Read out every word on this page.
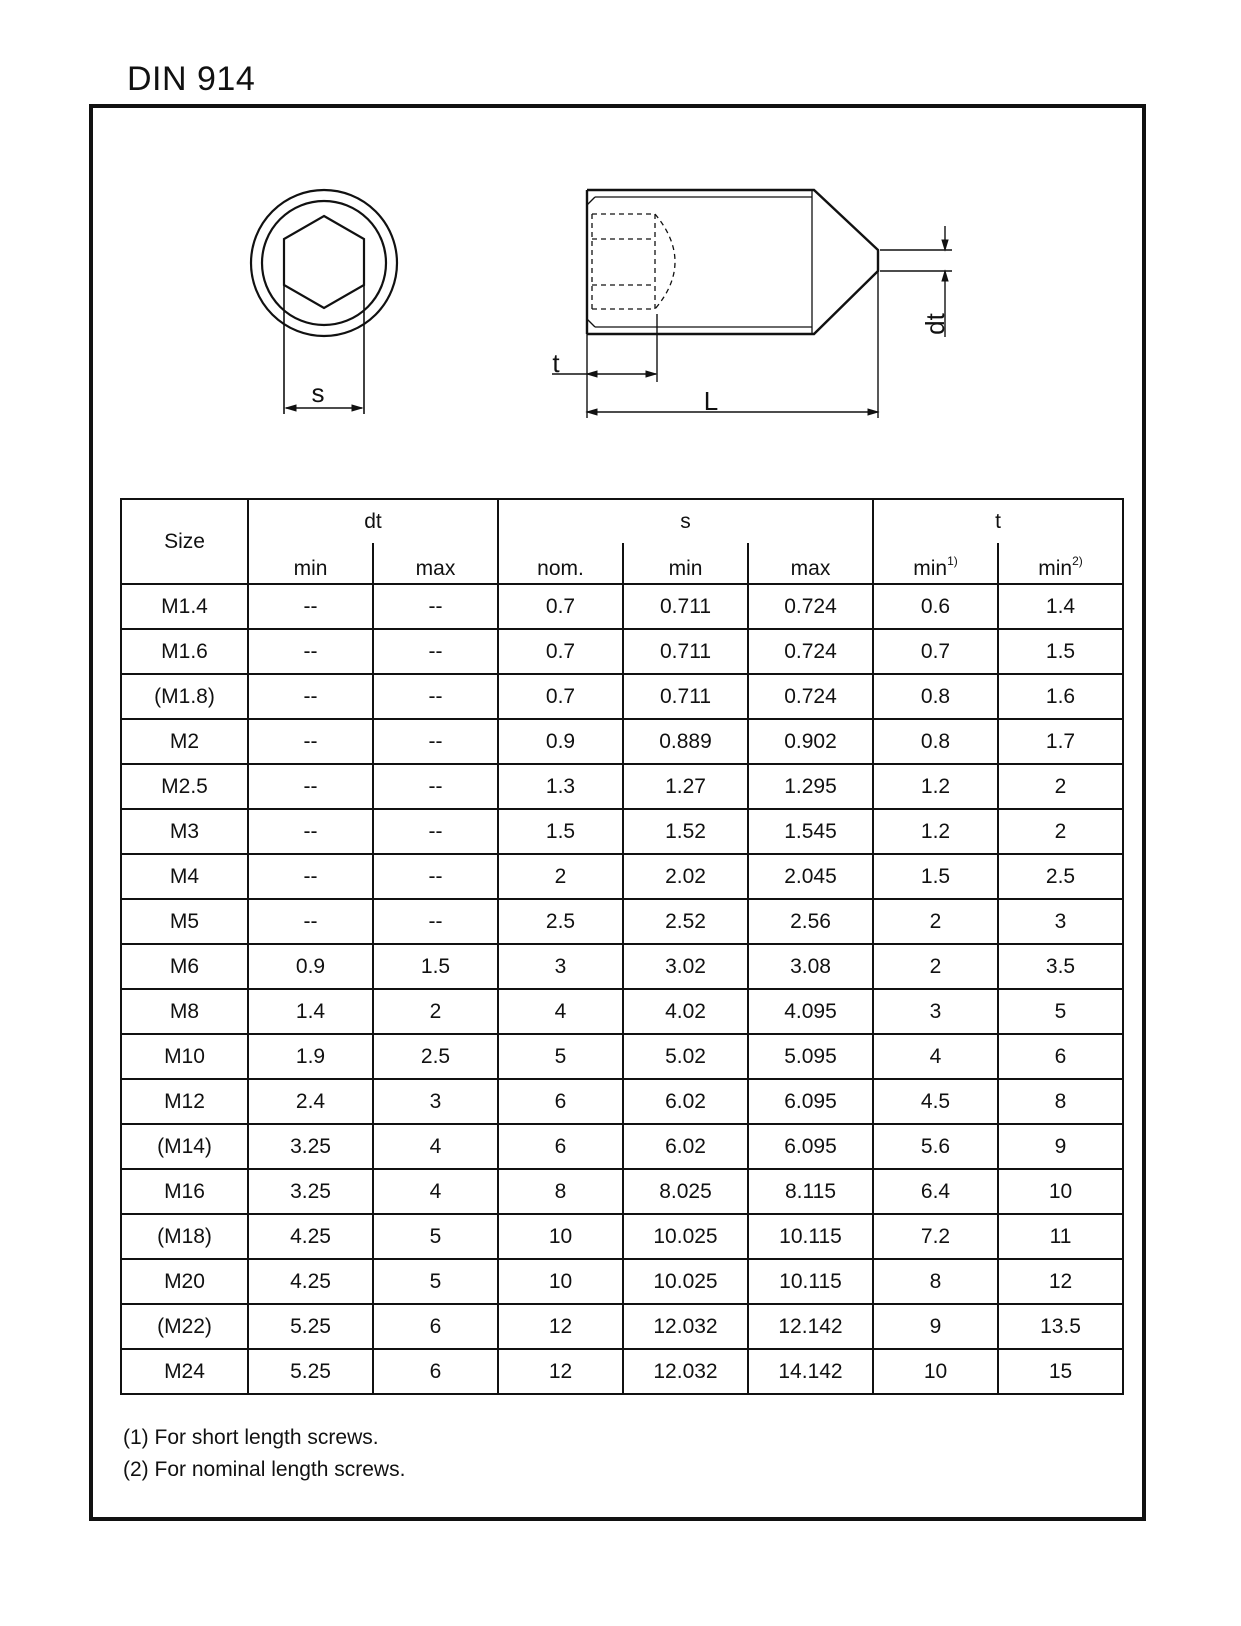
DIN 914
s
t
L
dt
Size	dt		s			t	
	min	max	nom.	min	max	$\min^{1)}$	$\min^{2)}$
M1.4	--	--	0.7	0.711	0.724	0.6	1.4
M1.6	--	--	0.7	0.711	0.724	0.7	1.5
(M1.8)	--	--	0.7	0.711	0.724	0.8	1.6
M2	--	--	0.9	0.889	0.902	0.8	1.7
M2.5	--	--	1.3	1.27	1.295	1.2	2
M3	--	--	1.5	1.52	1.545	1.2	2
M4	--	--	2	2.02	2.045	1.5	2.5
M5	--	--	2.5	2.52	2.56	2	3
M6	0.9	1.5	3	3.02	3.08	2	3.5
M8	1.4	2	4	4.02	4.095	3	5
M10	1.9	2.5	5	5.02	5.095	4	6
M12	2.4	3	6	6.02	6.095	4.5	8
(M14)	3.25	4	6	6.02	6.095	5.6	9
M16	3.25	4	8	8.025	8.115	6.4	10
(M18)	4.25	5	10	10.025	10.115	7.2	11
M20	4.25	5	10	10.025	10.115	8	12
(M22)	5.25	6	12	12.032	12.142	9	13.5
M24	5.25	6	12	12.032	14.142	10	15
(1) For short length screws.
(2) For nominal length screws.
